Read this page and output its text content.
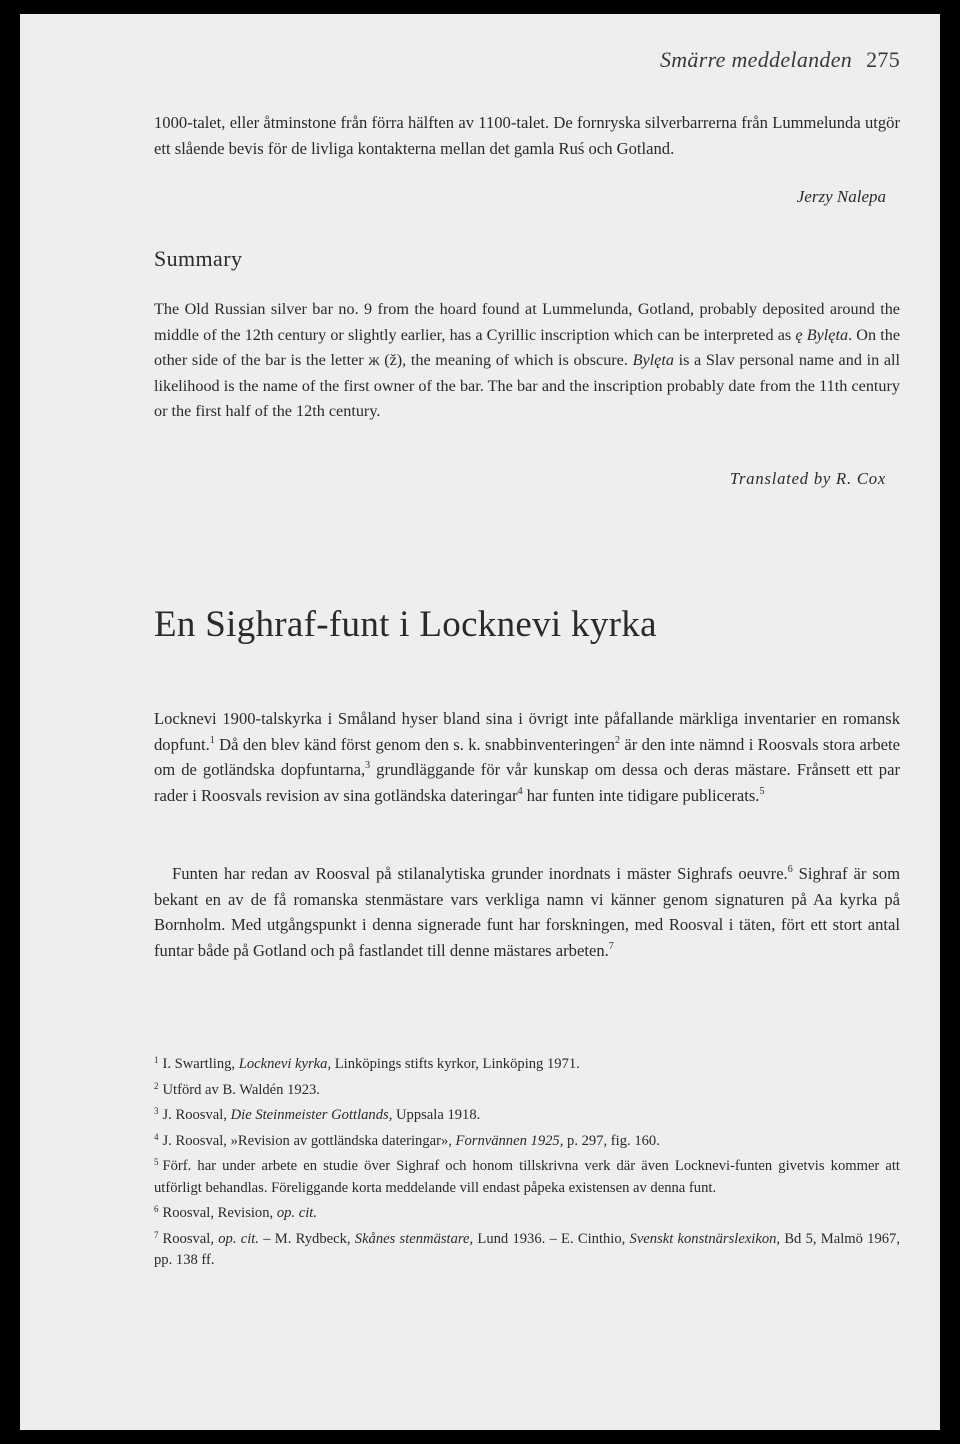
Smärre meddelanden 275

1000-talet, eller åtminstone från förra hälften av 1100-talet. De fornryska silverbarrerna från Lummelunda utgör ett slående bevis för de livliga kontakterna mellan det gamla Ruś och Gotland.

Jerzy Nalepa
Summary

The Old Russian silver bar no. 9 from the hoard found at Lummelunda, Gotland, probably deposited around the middle of the 12th century or slightly earlier, has a Cyrillic inscription which can be interpreted as ę Bylęta. On the other side of the bar is the letter ж (ž), the meaning of which is obscure. Bylęta is a Slav personal name and in all likelihood is the name of the first owner of the bar. The bar and the inscription probably date from the 11th century or the first half of the 12th century.

Translated by R. Cox
En Sighraf-funt i Locknevi kyrka

Locknevi 1900-talskyrka i Småland hyser bland sina i övrigt inte påfallande märkliga inventarier en romansk dopfunt.$^1$ Då den blev känd först genom den s. k. snabbinventeringen$^2$ är den inte nämnd i Roosvals stora arbete om de gotländska dopfuntarna,$^3$ grundläggande för vår kunskap om dessa och deras mästare. Frånsett ett par rader i Roosvals revision av sina gotländska dateringar$^4$ har funten inte tidigare publicerats.$^5$

Funten har redan av Roosval på stilanalytiska grunder inordnats i mäster Sighrafs oeuvre.$^6$ Sighraf är som bekant en av de få romanska stenmästare vars verkliga namn vi känner genom signaturen på Aa kyrka på Bornholm. Med utgångspunkt i denna signerade funt har forskningen, med Roosval i täten, fört ett stort antal funtar både på Gotland och på fastlandet till denne mästares arbeten.$^7$

$^1$ I. Swartling, Locknevi kyrka, Linköpings stifts kyrkor, Linköping 1971.

$^2$ Utförd av B. Waldén 1923.

$^3$ J. Roosval, Die Steinmeister Gottlands, Uppsala 1918.

$^4$ J. Roosval, »Revision av gottländska dateringar», Fornvännen 1925, p. 297, fig. 160.

$^5$ Förf. har under arbete en studie över Sighraf och honom tillskrivna verk där även Locknevi-funten givetvis kommer att utförligt behandlas. Föreliggande korta meddelande vill endast påpeka existensen av denna funt.

$^6$ Roosval, Revision, op. cit.

$^7$ Roosval, op. cit. – M. Rydbeck, Skånes stenmästare, Lund 1936. – E. Cinthio, Svenskt konstnärslexikon, Bd 5, Malmö 1967, pp. 138 ff.
